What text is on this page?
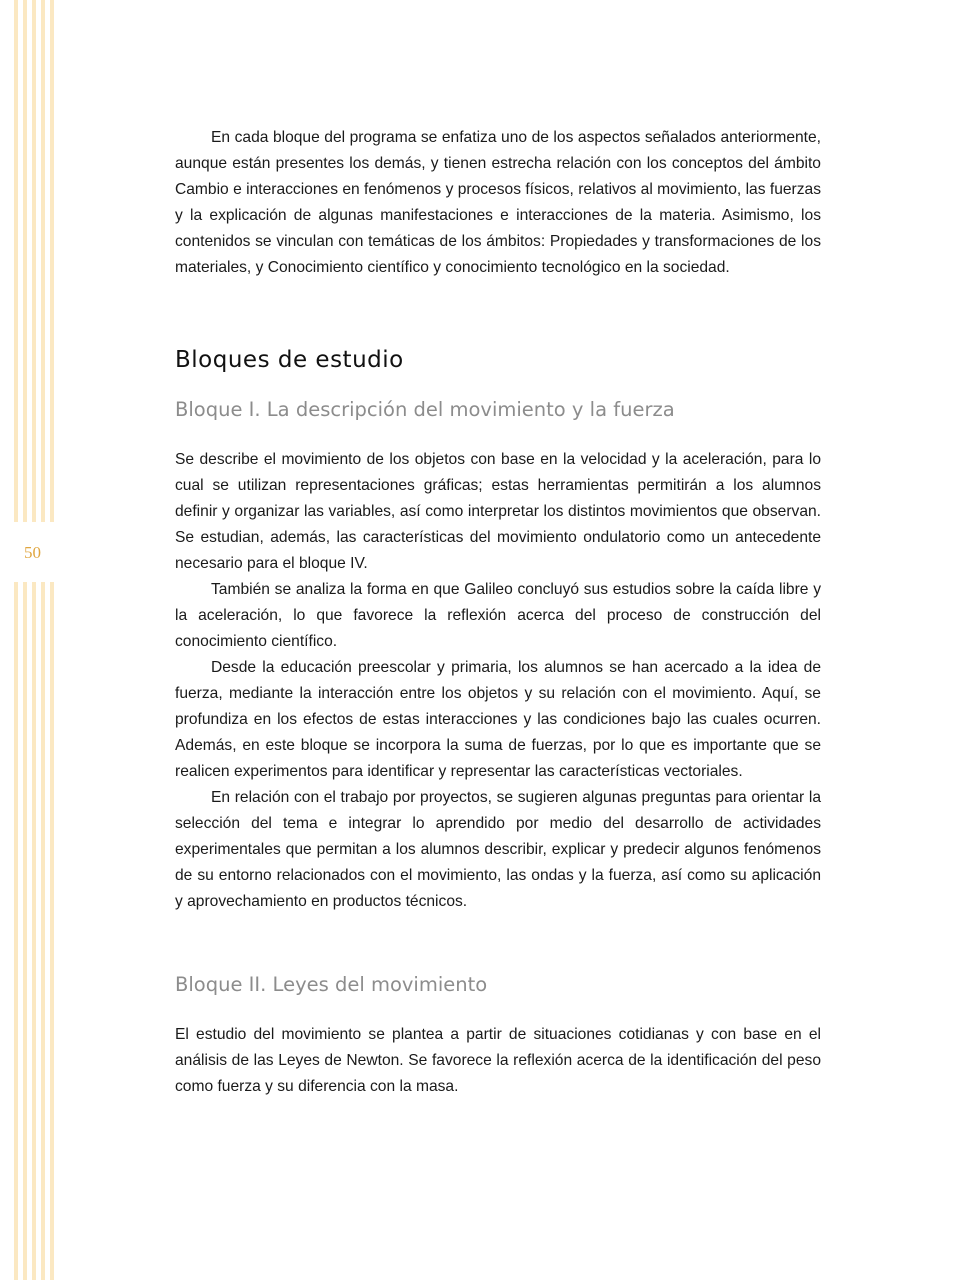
50

En cada bloque del programa se enfatiza uno de los aspectos señalados anteriormente, aunque están presentes los demás, y tienen estrecha relación con los conceptos del ámbito Cambio e interacciones en fenómenos y procesos físicos, relativos al movimiento, las fuerzas y la explicación de algunas manifestaciones e interacciones de la materia. Asimismo, los contenidos se vinculan con temáticas de los ámbitos: Propiedades y transformaciones de los materiales, y Conocimiento científico y conocimiento tecnológico en la sociedad.

Bloques de estudio
Bloque I. La descripción del movimiento y la fuerza

Se describe el movimiento de los objetos con base en la velocidad y la aceleración, para lo cual se utilizan representaciones gráficas; estas herramientas permitirán a los alumnos definir y organizar las variables, así como interpretar los distintos movimientos que observan. Se estudian, además, las características del movimiento ondulatorio como un antecedente necesario para el bloque IV.

También se analiza la forma en que Galileo concluyó sus estudios sobre la caída libre y la aceleración, lo que favorece la reflexión acerca del proceso de construcción del conocimiento científico.

Desde la educación preescolar y primaria, los alumnos se han acercado a la idea de fuerza, mediante la interacción entre los objetos y su relación con el movimiento. Aquí, se profundiza en los efectos de estas interacciones y las condiciones bajo las cuales ocurren. Además, en este bloque se incorpora la suma de fuerzas, por lo que es importante que se realicen experimentos para identificar y representar las características vectoriales.

En relación con el trabajo por proyectos, se sugieren algunas preguntas para orientar la selección del tema e integrar lo aprendido por medio del desarrollo de actividades experimentales que permitan a los alumnos describir, explicar y predecir algunos fenómenos de su entorno relacionados con el movimiento, las ondas y la fuerza, así como su aplicación y aprovechamiento en productos técnicos.

Bloque II. Leyes del movimiento

El estudio del movimiento se plantea a partir de situaciones cotidianas y con base en el análisis de las Leyes de Newton. Se favorece la reflexión acerca de la identificación del peso como fuerza y su diferencia con la masa.
